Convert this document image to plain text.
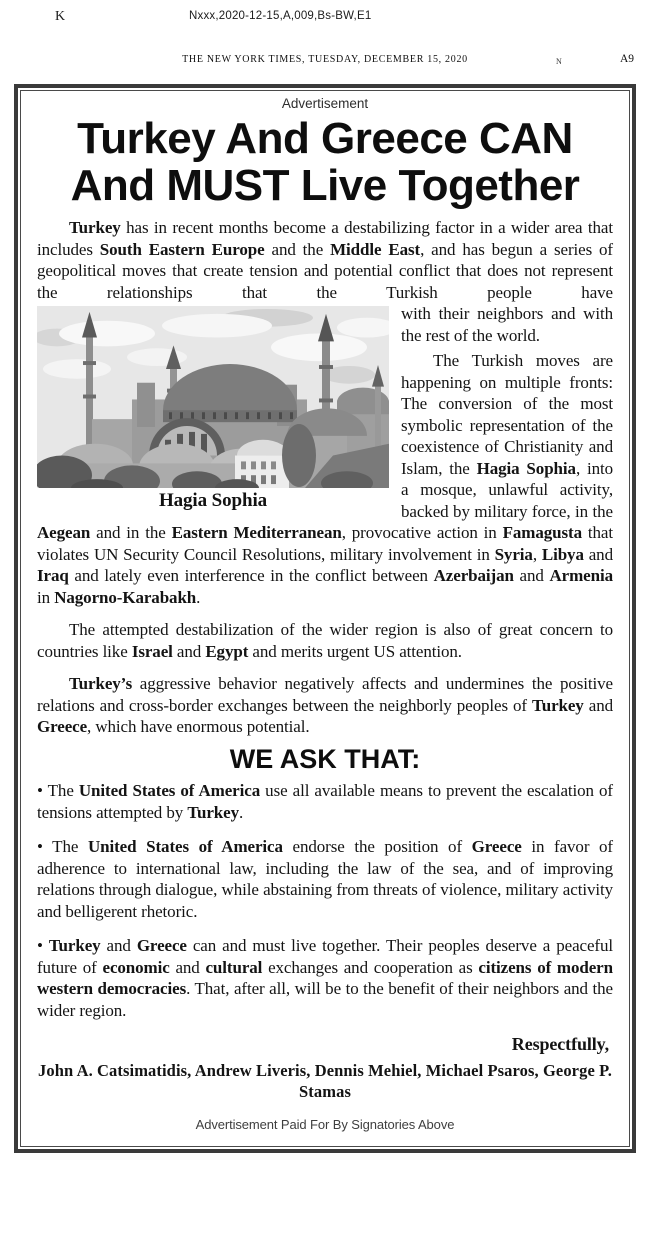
K	Nxxx,2020-12-15,A,009,Bs-BW,E1
THE NEW YORK TIMES, TUESDAY, DECEMBER 15, 2020	N	A9
Advertisement
Turkey And Greece CAN
And MUST Live Together

Turkey has in recent months become a destabilizing factor in a wider area that includes South Eastern Europe and the Middle East, and has begun a series of geopolitical moves that create tension and potential conflict that does not represent the relationships that the Turkish people have

Hagia Sophia

with their neighbors and with the rest of the world.

The Turkish moves are happening on multiple fronts: The conversion of the most symbolic representation of the coexistence of Christianity and Islam, the Hagia Sophia, into a mosque, unlawful activity, backed by military force, in the Aegean and in the Eastern Mediterranean, provocative action in Famagusta that violates UN Security Council Resolutions, military involvement in Syria, Libya and Iraq and lately even interference in the conflict between Azerbaijan and Armenia in Nagorno-Karabakh.

The attempted destabilization of the wider region is also of great concern to countries like Israel and Egypt and merits urgent US attention.

Turkey’s aggressive behavior negatively affects and undermines the positive relations and cross-border exchanges between the neighborly peoples of Turkey and Greece, which have enormous potential.

WE ASK THAT:

• The United States of America use all available means to prevent the escalation of tensions attempted by Turkey.

• The United States of America endorse the position of Greece in favor of adherence to international law, including the law of the sea, and of improving relations through dialogue, while abstaining from threats of violence, military activity and belligerent rhetoric.

• Turkey and Greece can and must live together. Their peoples deserve a peaceful future of economic and cultural exchanges and cooperation as citizens of modern western democracies. That, after all, will be to the benefit of their neighbors and the wider region.

Respectfully,
John A. Catsimatidis, Andrew Liveris, Dennis Mehiel, Michael Psaros, George P. Stamas
Advertisement Paid For By Signatories Above
